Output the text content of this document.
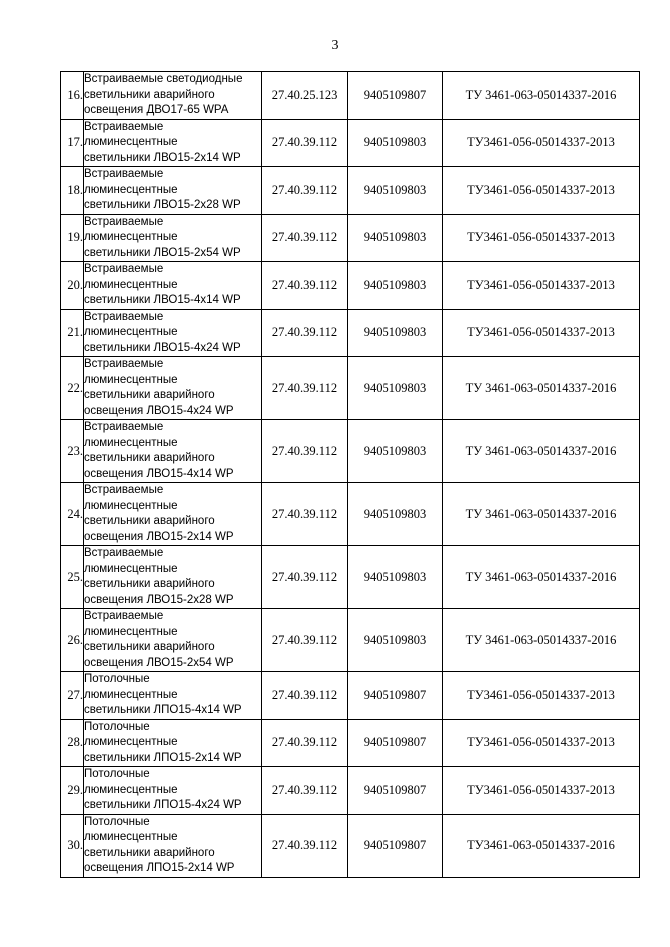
3
16.	Встраиваемые светодиодные
светильники аварийного
освещения ДВО17-65 WPA	27.40.25.123	9405109807	ТУ 3461-063-05014337-2016
17.	Встраиваемые
люминесцентные
светильники ЛВО15-2х14 WP	27.40.39.112	9405109803	ТУ3461-056-05014337-2013
18.	Встраиваемые
люминесцентные
светильники ЛВО15-2х28 WP	27.40.39.112	9405109803	ТУ3461-056-05014337-2013
19.	Встраиваемые
люминесцентные
светильники ЛВО15-2х54 WP	27.40.39.112	9405109803	ТУ3461-056-05014337-2013
20.	Встраиваемые
люминесцентные
светильники ЛВО15-4х14 WP	27.40.39.112	9405109803	ТУ3461-056-05014337-2013
21.	Встраиваемые
люминесцентные
светильники ЛВО15-4х24 WP	27.40.39.112	9405109803	ТУ3461-056-05014337-2013
22.	Встраиваемые
люминесцентные
светильники аварийного
освещения ЛВО15-4х24 WP	27.40.39.112	9405109803	ТУ 3461-063-05014337-2016
23.	Встраиваемые
люминесцентные
светильники аварийного
освещения ЛВО15-4х14 WP	27.40.39.112	9405109803	ТУ 3461-063-05014337-2016
24.	Встраиваемые
люминесцентные
светильники аварийного
освещения ЛВО15-2х14 WP	27.40.39.112	9405109803	ТУ 3461-063-05014337-2016
25.	Встраиваемые
люминесцентные
светильники аварийного
освещения ЛВО15-2х28 WP	27.40.39.112	9405109803	ТУ 3461-063-05014337-2016
26.	Встраиваемые
люминесцентные
светильники аварийного
освещения ЛВО15-2х54 WP	27.40.39.112	9405109803	ТУ 3461-063-05014337-2016
27.	Потолочные
люминесцентные
светильники ЛПО15-4х14 WP	27.40.39.112	9405109807	ТУ3461-056-05014337-2013
28.	Потолочные
люминесцентные
светильники ЛПО15-2х14 WP	27.40.39.112	9405109807	ТУ3461-056-05014337-2013
29.	Потолочные
люминесцентные
светильники ЛПО15-4х24 WP	27.40.39.112	9405109807	ТУ3461-056-05014337-2013
30.	Потолочные
люминесцентные
светильники аварийного
освещения ЛПО15-2х14 WP	27.40.39.112	9405109807	ТУ3461-063-05014337-2016
